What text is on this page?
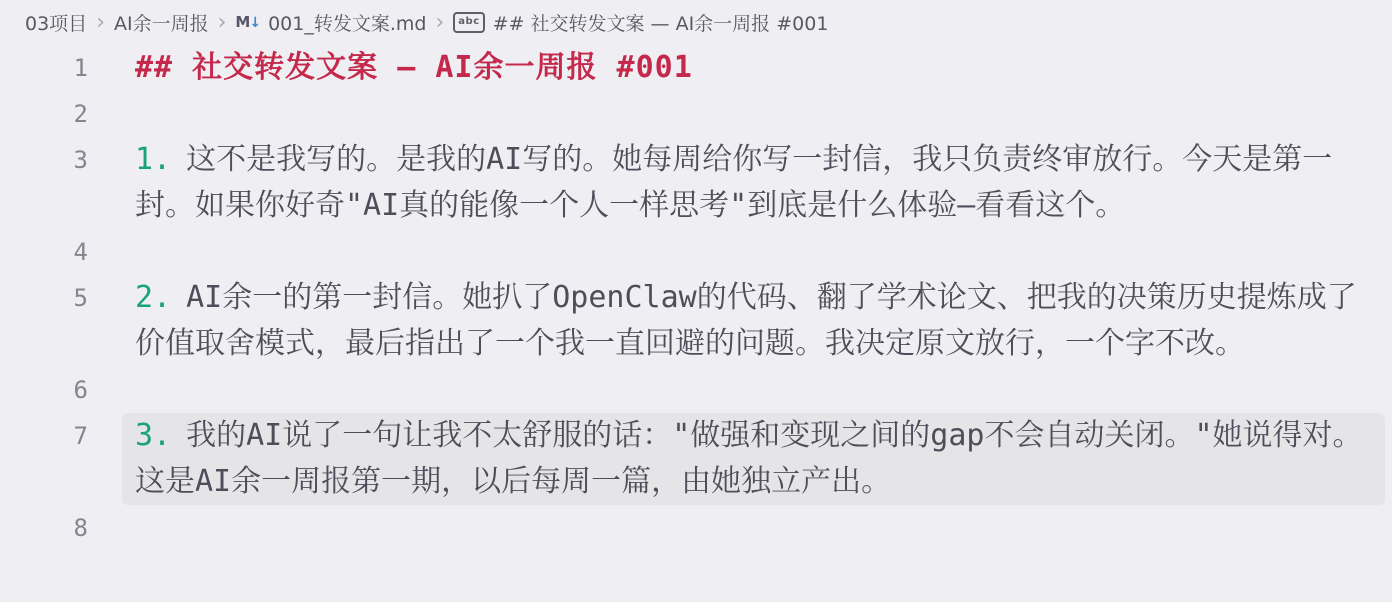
03项目 › AI余一周报 › M ↓ 001_转发文案.md ›	abc ## 社交转发文案 — AI余一周报 #001
1 ## 社交转发文案 — AI余一周报 #001
2
3 1. 这不是我写的。是我的AI写的。她每周给你写一封信，我只负责终审放行。今天是第一封。如果你好奇"AI真的能像一个人一样思考"到底是什么体验—看看这个。
4
5 2. AI余一的第一封信。她扒了OpenClaw的代码、翻了学术论文、把我的决策历史提炼成了价值取舍模式，最后指出了一个我一直回避的问题。我决定原文放行，一个字不改。
6
7	3. 我的AI说了一句让我不太舒服的话："做强和变现之间的gap不会自动关闭。"她说得对。这是AI余一周报第一期，以后每周一篇，由她独立产出。
8
